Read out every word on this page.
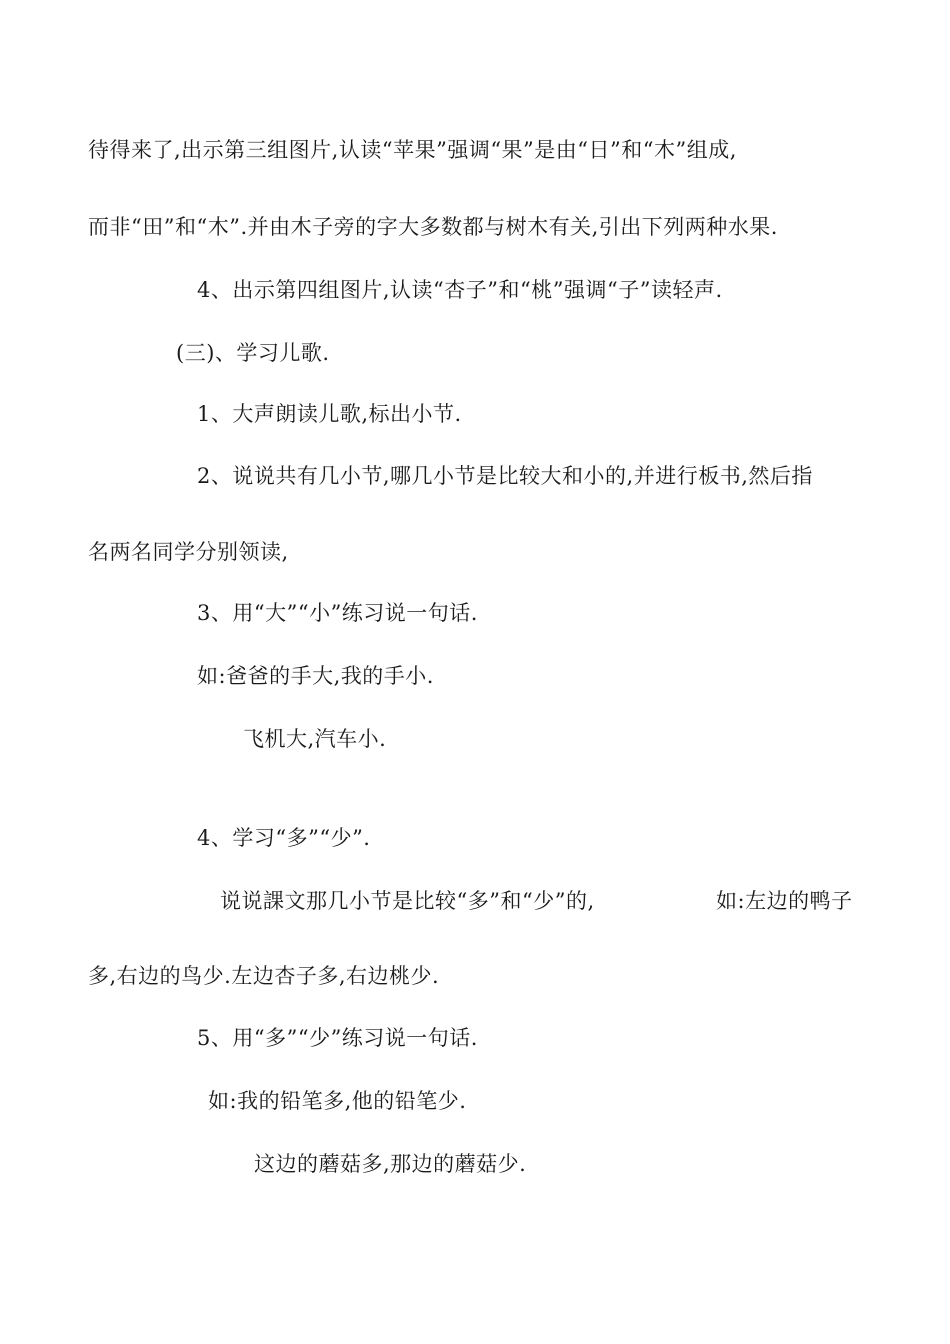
待得来了,出示第三组图片,认读“苹果”强调“果”是由“日”和“木”组成,
而非“田”和“木”.并由木子旁的字大多数都与树木有关,引出下列两种水果.
4、出示第四组图片,认读“杏子”和“桃”强调“子”读轻声.
(三)、学习儿歌.
1、大声朗读儿歌,标出小节.
2、说说共有几小节,哪几小节是比较大和小的,并进行板书,然后指
名两名同学分别领读,
3、用“大”“小”练习说一句话.
如:爸爸的手大,我的手小.
飞机大,汽车小.
4、学习“多”“少”.
说说課文那几小节是比较“多”和“少”的,	如:左边的鸭子
多,右边的鸟少.左边杏子多,右边桃少.
5、用“多”“少”练习说一句话.
如:我的铅笔多,他的铅笔少.
这边的蘑菇多,那边的蘑菇少.
